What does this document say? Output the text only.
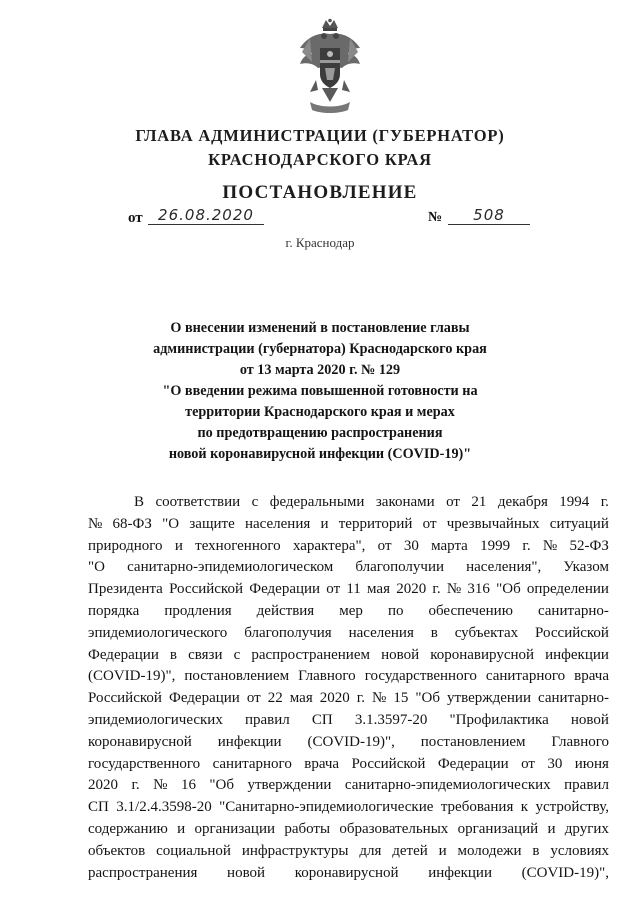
ГЛАВА АДМИНИСТРАЦИИ (ГУБЕРНАТОР)
КРАСНОДАРСКОГО КРАЯ
ПОСТАНОВЛЕНИЕ
от	26.08.2020	№	508
г. Краснодар
О внесении изменений в постановление главы
администрации (губернатора) Краснодарского края
от 13 марта 2020 г. № 129
"О введении режима повышенной готовности на
территории Краснодарского края и мерах
по предотвращению распространения
новой коронавирусной инфекции (COVID-19)"
В соответствии с федеральными законами от 21 декабря 1994 г.
№ 68-ФЗ "О защите населения и территорий от чрезвычайных ситуаций
природного и техногенного характера", от 30 марта 1999 г. № 52-ФЗ
"О санитарно-эпидемиологическом благополучии населения", Указом
Президента Российской Федерации от 11 мая 2020 г. № 316 "Об определении
порядка продления действия мер по обеспечению санитарно-
эпидемиологического благополучия населения в субъектах Российской
Федерации в связи с распространением новой коронавирусной инфекции
(COVID-19)", постановлением Главного государственного санитарного врача
Российской Федерации от 22 мая 2020 г. № 15 "Об утверждении санитарно-
эпидемиологических правил СП 3.1.3597-20 "Профилактика новой
коронавирусной инфекции (COVID-19)", постановлением Главного
государственного санитарного врача Российской Федерации от 30 июня
2020 г. № 16 "Об утверждении санитарно-эпидемиологических правил
СП 3.1/2.4.3598-20 "Санитарно-эпидемиологические требования к устройству,
содержанию и организации работы образовательных организаций и других
объектов социальной инфраструктуры для детей и молодежи в условиях
распространения новой коронавирусной инфекции (COVID-19)",
